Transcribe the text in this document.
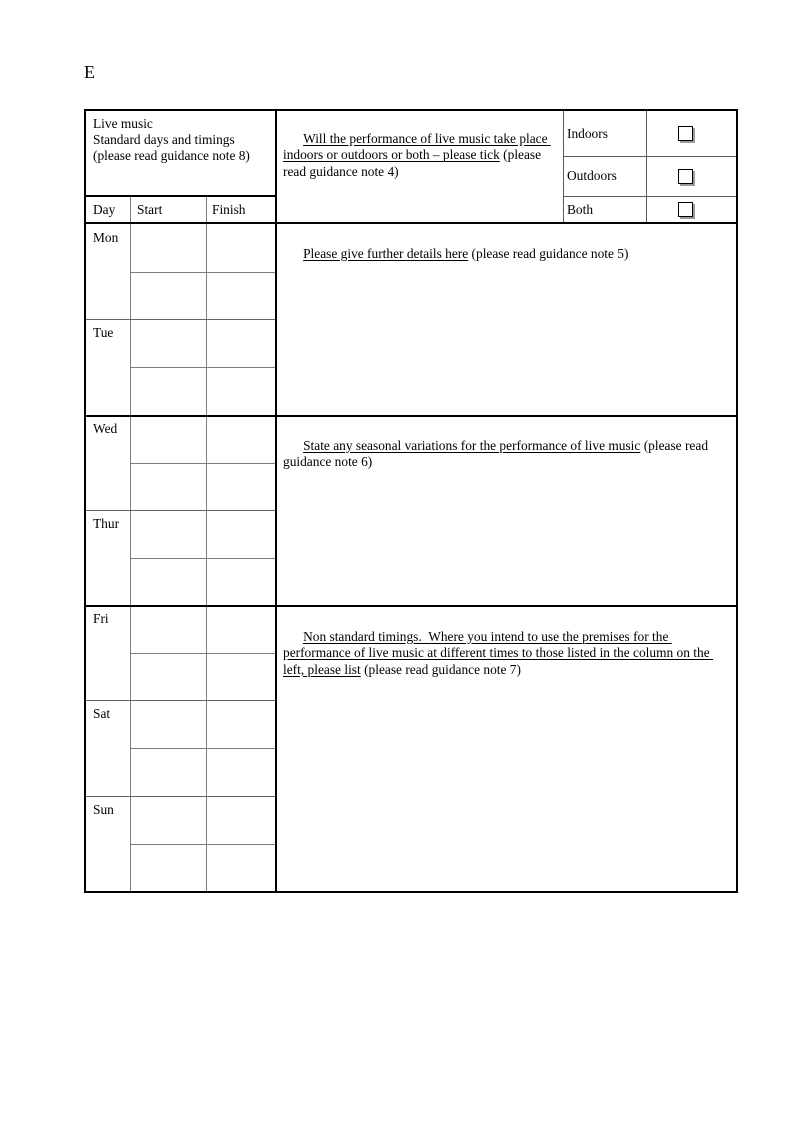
E
Live music
Standard days and timings
(please read guidance note 8)

Will the performance of live music take place indoors or outdoors or both – please tick (please read guidance note 4)

Indoors
Outdoors
Both
Day Start	Finish
Mon
Tue
Wed
Thur
Fri
Sat
Sun

Please give further details here (please read guidance note 5)

State any seasonal variations for the performance of live music (please read guidance note 6)

Non standard timings.  Where you intend to use the premises for the performance of live music at different times to those listed in the column on the left, please list (please read guidance note 7)
